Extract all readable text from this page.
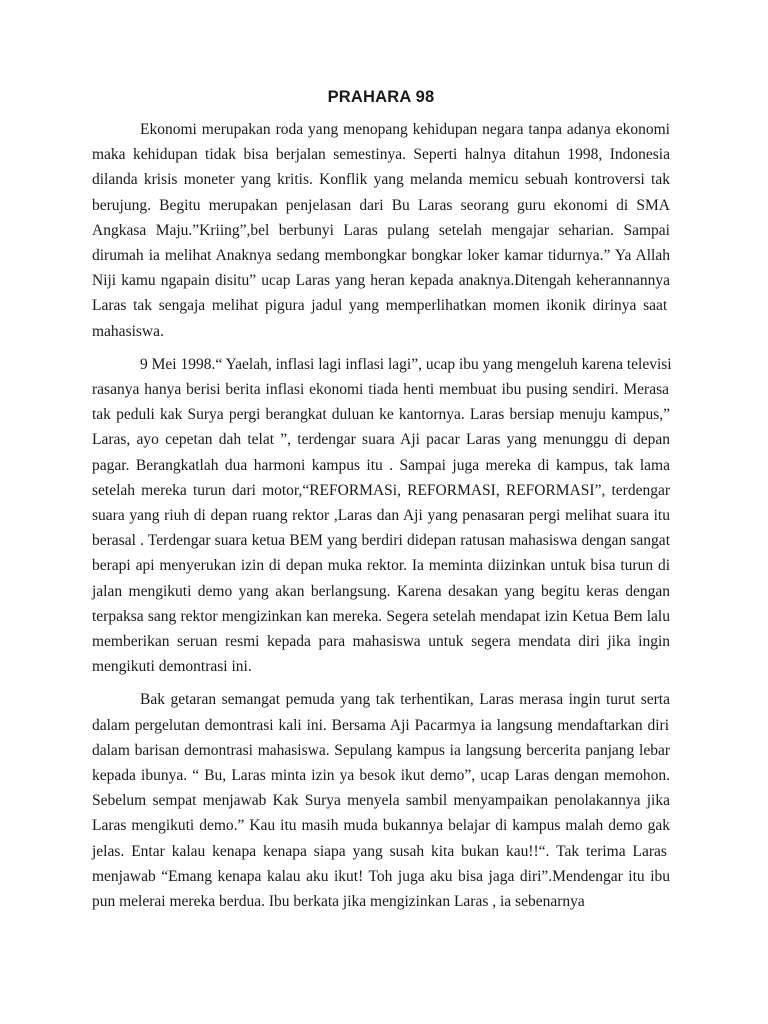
PRAHARA 98

Ekonomi merupakan roda yang menopang kehidupan negara tanpa adanya ekonomi
maka kehidupan tidak bisa berjalan semestinya. Seperti halnya ditahun 1998, Indonesia
dilanda krisis moneter yang kritis. Konflik yang melanda memicu sebuah kontroversi tak
berujung. Begitu merupakan penjelasan dari Bu Laras seorang guru ekonomi di SMA
Angkasa Maju.”Kriing”,bel berbunyi Laras pulang setelah mengajar seharian. Sampai
dirumah ia melihat Anaknya sedang membongkar bongkar loker kamar tidurnya.” Ya Allah
Niji kamu ngapain disitu” ucap Laras yang heran kepada anaknya.Ditengah keherannannya
Laras tak sengaja melihat pigura jadul yang memperlihatkan momen ikonik dirinya saat
mahasiswa.

9 Mei 1998.“ Yaelah, inflasi lagi inflasi lagi”, ucap ibu yang mengeluh karena televisi
rasanya hanya berisi berita inflasi ekonomi tiada henti membuat ibu pusing sendiri. Merasa
tak peduli kak Surya pergi berangkat duluan ke kantornya. Laras bersiap menuju kampus,”
Laras, ayo cepetan dah telat ”, terdengar suara Aji pacar Laras yang menunggu di depan
pagar. Berangkatlah dua harmoni kampus itu . Sampai juga mereka di kampus, tak lama
setelah mereka turun dari motor,“REFORMASi, REFORMASI, REFORMASI”, terdengar
suara yang riuh di depan ruang rektor ,Laras dan Aji yang penasaran pergi melihat suara itu
berasal . Terdengar suara ketua BEM yang berdiri didepan ratusan mahasiswa dengan sangat
berapi api menyerukan izin di depan muka rektor. Ia meminta diizinkan untuk bisa turun di
jalan mengikuti demo yang akan berlangsung. Karena desakan yang begitu keras dengan
terpaksa sang rektor mengizinkan kan mereka. Segera setelah mendapat izin Ketua Bem lalu
memberikan seruan resmi kepada para mahasiswa untuk segera mendata diri jika ingin
mengikuti demontrasi ini.

Bak getaran semangat pemuda yang tak terhentikan, Laras merasa ingin turut serta
dalam pergelutan demontrasi kali ini. Bersama Aji Pacarmya ia langsung mendaftarkan diri
dalam barisan demontrasi mahasiswa. Sepulang kampus ia langsung bercerita panjang lebar
kepada ibunya. “ Bu, Laras minta izin ya besok ikut demo”, ucap Laras dengan memohon.
Sebelum sempat menjawab Kak Surya menyela sambil menyampaikan penolakannya jika
Laras mengikuti demo.” Kau itu masih muda bukannya belajar di kampus malah demo gak
jelas. Entar kalau kenapa kenapa siapa yang susah kita bukan kau!!“. Tak terima Laras
menjawab “Emang kenapa kalau aku ikut! Toh juga aku bisa jaga diri”.Mendengar itu ibu
pun melerai mereka berdua. Ibu berkata jika mengizinkan Laras , ia sebenarnya
